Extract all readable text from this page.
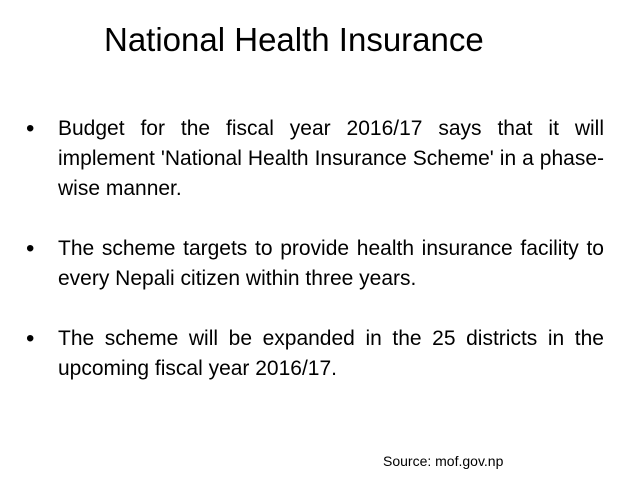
National Health Insurance
• Budget for the fiscal year 2016/17 says that it will implement 'National Health Insurance Scheme' in a phase-wise manner.
• The scheme targets to provide health insurance facility to every Nepali citizen within three years.
• The scheme will be expanded in the 25 districts in the upcoming fiscal year 2016/17.
Source: mof.gov.np
